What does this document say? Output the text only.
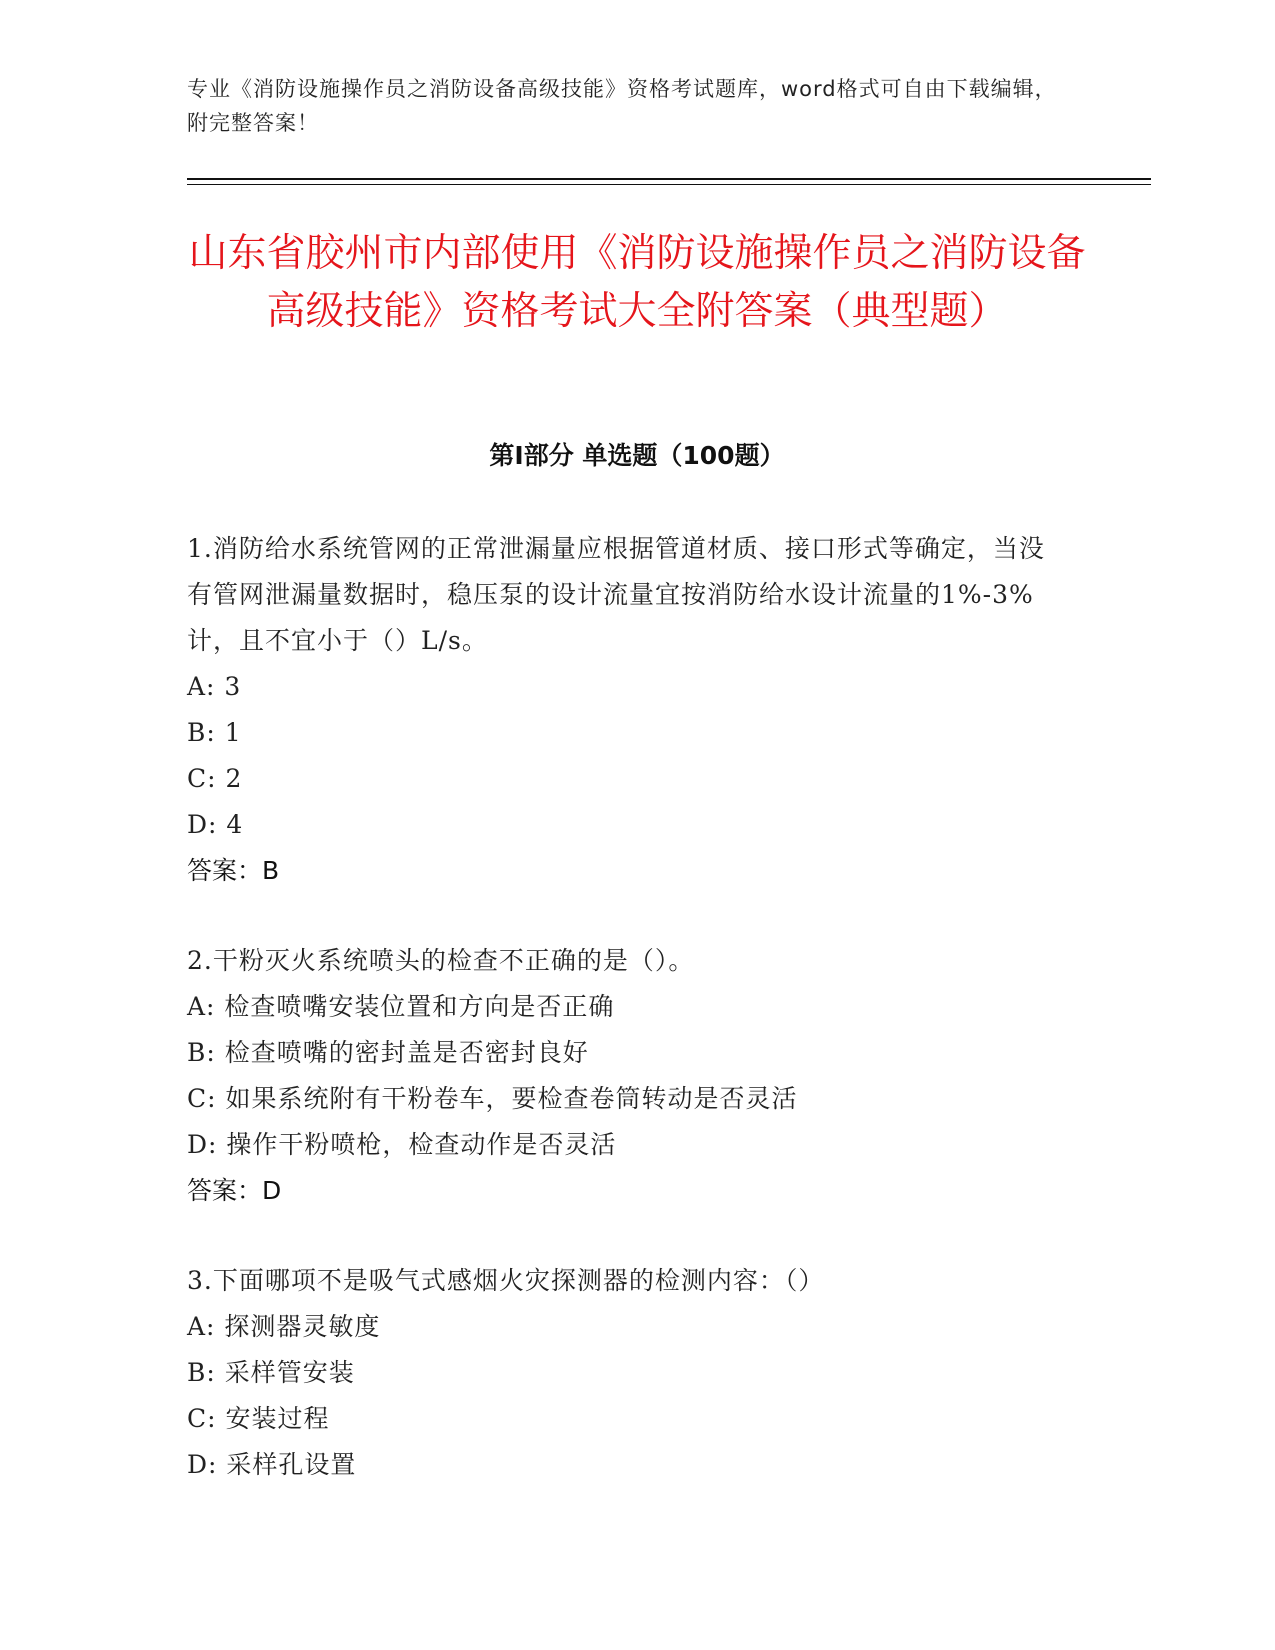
专业《消防设施操作员之消防设备高级技能》资格考试题库，word格式可自由下载编辑，附完整答案！
山东省胶州市内部使用《消防设施操作员之消防设备高级技能》资格考试大全附答案（典型题）
第Ⅰ部分 单选题（100题）

1.消防给水系统管网的正常泄漏量应根据管道材质、接口形式等确定，当没有管网泄漏量数据时，稳压泵的设计流量宜按消防给水设计流量的1%-3%计，且不宜小于（）L/s。

A: 3

B: 1

C: 2

D: 4

答案：B

2.干粉灭火系统喷头的检查不正确的是（）。

A: 检查喷嘴安装位置和方向是否正确

B: 检查喷嘴的密封盖是否密封良好

C: 如果系统附有干粉卷车，要检查卷筒转动是否灵活

D: 操作干粉喷枪，检查动作是否灵活

答案：D

3.下面哪项不是吸气式感烟火灾探测器的检测内容：（）

A: 探测器灵敏度

B: 采样管安装

C: 安装过程

D: 采样孔设置
